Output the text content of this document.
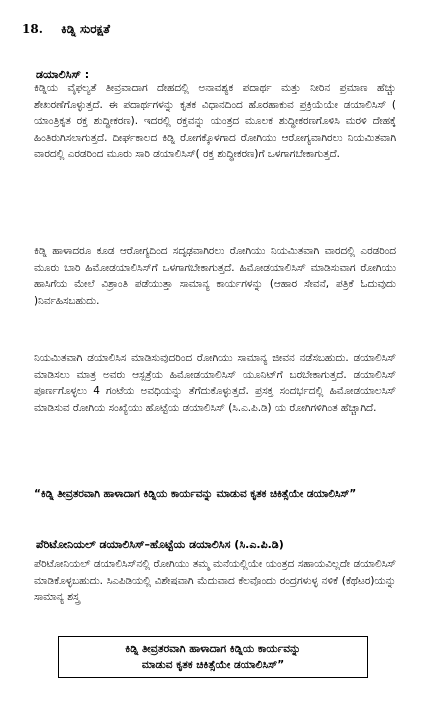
18. ಕಿಡ್ನಿ ಸುರಕ್ಷತೆ
ಡಯಾಲಿಸಿಸ್ :

ಕಿಡ್ನಿಯ ವೈಫಲ್ಯತೆ ತೀವ್ರವಾದಾಗ ದೇಹದಲ್ಲಿ ಅನಾವಶ್ಯಕ ಪದಾರ್ಥ ಮತ್ತು ನೀರಿನ ಪ್ರಮಾಣ ಹೆಚ್ಚು ಶೇಖರಣೆಗೊಳ್ಳುತ್ತದೆ. ಈ ಪದಾರ್ಥಗಳನ್ನು ಕೃತಕ ವಿಧಾನದಿಂದ ಹೊರಹಾಕುವ ಪ್ರಕ್ರಿಯೆಯೇ ಡಯಾಲಿಸಿಸ್ ( ಯಾಂತ್ರಿಕೃತ ರಕ್ತ ಶುದ್ಧೀಕರಣ). ಇದರಲ್ಲಿ ರಕ್ತವನ್ನು ಯಂತ್ರದ ಮೂಲಕ ಶುದ್ಧೀಕರಣಗೊಳಿಸಿ ಮರಳಿ ದೇಹಕ್ಕೆ ಹಿಂತಿರುಗಿಸಲಾಗುತ್ತದೆ. ದೀರ್ಘಕಾಲದ ಕಿಡ್ನಿ ರೋಗಕ್ಕೊಳಗಾದ ರೋಗಿಯು ಆರೋಗ್ಯವಾಗಿರಲು ನಿಯಮಿತವಾಗಿ ವಾರದಲ್ಲಿ ಎರಡರಿಂದ ಮೂರು ಸಾರಿ ಡಯಾಲಿಸಿಸ್( ರಕ್ತ ಶುದ್ಧೀಕರಣ)ಗೆ ಒಳಗಾಗಬೇಕಾಗುತ್ತದೆ.

ಕಿಡ್ನಿ ಹಾಳಾದರೂ ಕೂಡ ಆರೋಗ್ಯದಿಂದ ಸದೃಢವಾಗಿರಲು ರೋಗಿಯು ನಿಯಮಿತವಾಗಿ ವಾರದಲ್ಲಿ ಎರಡರಿಂದ ಮೂರು ಬಾರಿ ಹಿಮೋಡಯಾಲಿಸಿಸ್‌ಗೆ ಒಳಗಾಗಬೇಕಾಗುತ್ತದೆ. ಹಿಮೋಡಯಾಲಿಸಿಸ್ ಮಾಡಿಸುವಾಗ ರೋಗಿಯು ಹಾಸಿಗೆಯ ಮೇಲೆ ವಿಶ್ರಾಂತಿ ಪಡೆಯುತ್ತಾ ಸಾಮಾನ್ಯ ಕಾರ್ಯಗಳನ್ನು (ಆಹಾರ ಸೇವನೆ, ಪತ್ರಿಕೆ ಓದುವುದು )ನಿರ್ವಹಿಸಬಹುದು.

ನಿಯಮಿತವಾಗಿ ಡಯಾಲಿಸಿಸ ಮಾಡಿಸುವುದರಿಂದ ರೋಗಿಯು ಸಾಮಾನ್ಯ ಜೀವನ ನಡೆಸಬಹುದು. ಡಯಾಲಿಸಿಸ್ ಮಾಡಿಸಲು ಮಾತ್ರ ಅವರು ಆಸ್ಪತ್ರೆಯ ಹಿಮೋಡಯಾಲಿಸಿಸ್ ಯೂನಿಟ್‌ಗೆ ಬರಬೇಕಾಗುತ್ತದೆ. ಡಯಾಲಿಸಿಸ್ ಪೂರ್ಣಗೊಳ್ಳಲು 4 ಗಂಟೆಯ ಅವಧಿಯನ್ನು ತೆಗೆದುಕೊಳ್ಳುತ್ತದೆ. ಪ್ರಸಕ್ತ ಸಂದರ್ಭದಲ್ಲಿ ಹಿಮೋಡಯಾಲಸಿಸ್ ಮಾಡಿಸುವ ರೋಗಿಯ ಸಂಖ್ಯೆಯು ಹೊಟ್ಟೆಯ ಡಯಾಲಿಸಿಸ್ (ಸಿ.ಎ.ಪಿ.ಡಿ) ಯ ರೋಗಿಗಳಿಗಿಂತ ಹೆಚ್ಚಾಗಿದೆ.

“ಕಿಡ್ನಿ ತೀವ್ರತರವಾಗಿ ಹಾಳಾದಾಗ ಕಿಡ್ನಿಯ ಕಾರ್ಯವನ್ನು ಮಾಡುವ ಕೃತಕ ಚಿಕಿತ್ಸೆಯೇ ಡಯಾಲಿಸಿಸ್”

ಪೆರಿಟೋನಿಯಲ್ ಡಯಾಲಿಸಿಸ್–ಹೊಟ್ಟೆಯ ಡಯಾಲಿಸಿಸ (ಸಿ.ಎ.ಪಿ.ಡಿ)

ಪೆರಿಟೋನಿಯಲ್ ಡಯಾಲಿಸಿಸ್‌ನಲ್ಲಿ ರೋಗಿಯು ತಮ್ಮ ಮನೆಯಲ್ಲಿಯೇ ಯಂತ್ರದ ಸಹಾಯವಿಲ್ಲದೇ ಡಯಾಲಿಸಿಸ್ ಮಾಡಿಕೊಳ್ಳಬಹುದು. ಸಿಎಪಿಡಿಯಲ್ಲಿ ವಿಶೇಷವಾಗಿ ಮೆದುವಾದ ಕೆಲವೊಂದು ರಂದ್ರಗಳುಳ್ಳ ನಳಿಕೆ (ಕೆಥೆಟರ)ಯನ್ನು ಸಾಮಾನ್ಯ ಶಸ್ತ್ರ

ಕಿಡ್ನಿ ತೀವ್ರತರವಾಗಿ ಹಾಳಾದಾಗ ಕಿಡ್ನಿಯ ಕಾರ್ಯವನ್ನು
ಮಾಡುವ ಕೃತಕ ಚಿಕಿತ್ಸೆಯೇ ಡಯಾಲಿಸಿಸ್”
